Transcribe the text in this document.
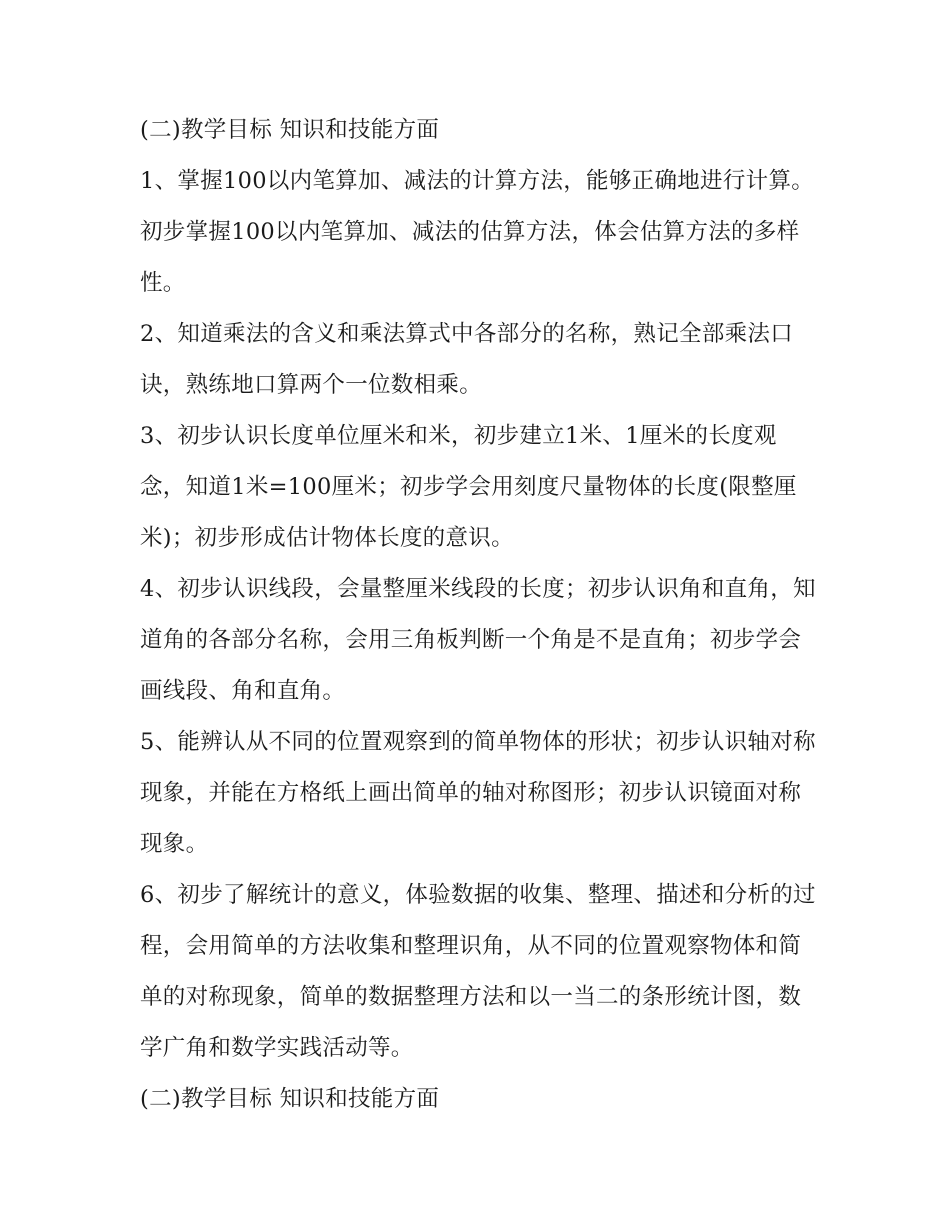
(二)教学目标 知识和技能方面

1、掌握100以内笔算加、减法的计算方法，能够正确地进行计算。初步掌握100以内笔算加、减法的估算方法，体会估算方法的多样性。

2、知道乘法的含义和乘法算式中各部分的名称，熟记全部乘法口诀，熟练地口算两个一位数相乘。

3、初步认识长度单位厘米和米，初步建立1米、1厘米的长度观念，知道1米=100厘米；初步学会用刻度尺量物体的长度(限整厘米)；初步形成估计物体长度的意识。

4、初步认识线段，会量整厘米线段的长度；初步认识角和直角，知道角的各部分名称，会用三角板判断一个角是不是直角；初步学会画线段、角和直角。

5、能辨认从不同的位置观察到的简单物体的形状；初步认识轴对称现象，并能在方格纸上画出简单的轴对称图形；初步认识镜面对称现象。

6、初步了解统计的意义，体验数据的收集、整理、描述和分析的过程，会用简单的方法收集和整理识角，从不同的位置观察物体和简单的对称现象，简单的数据整理方法和以一当二的条形统计图，数学广角和数学实践活动等。

(二)教学目标 知识和技能方面
